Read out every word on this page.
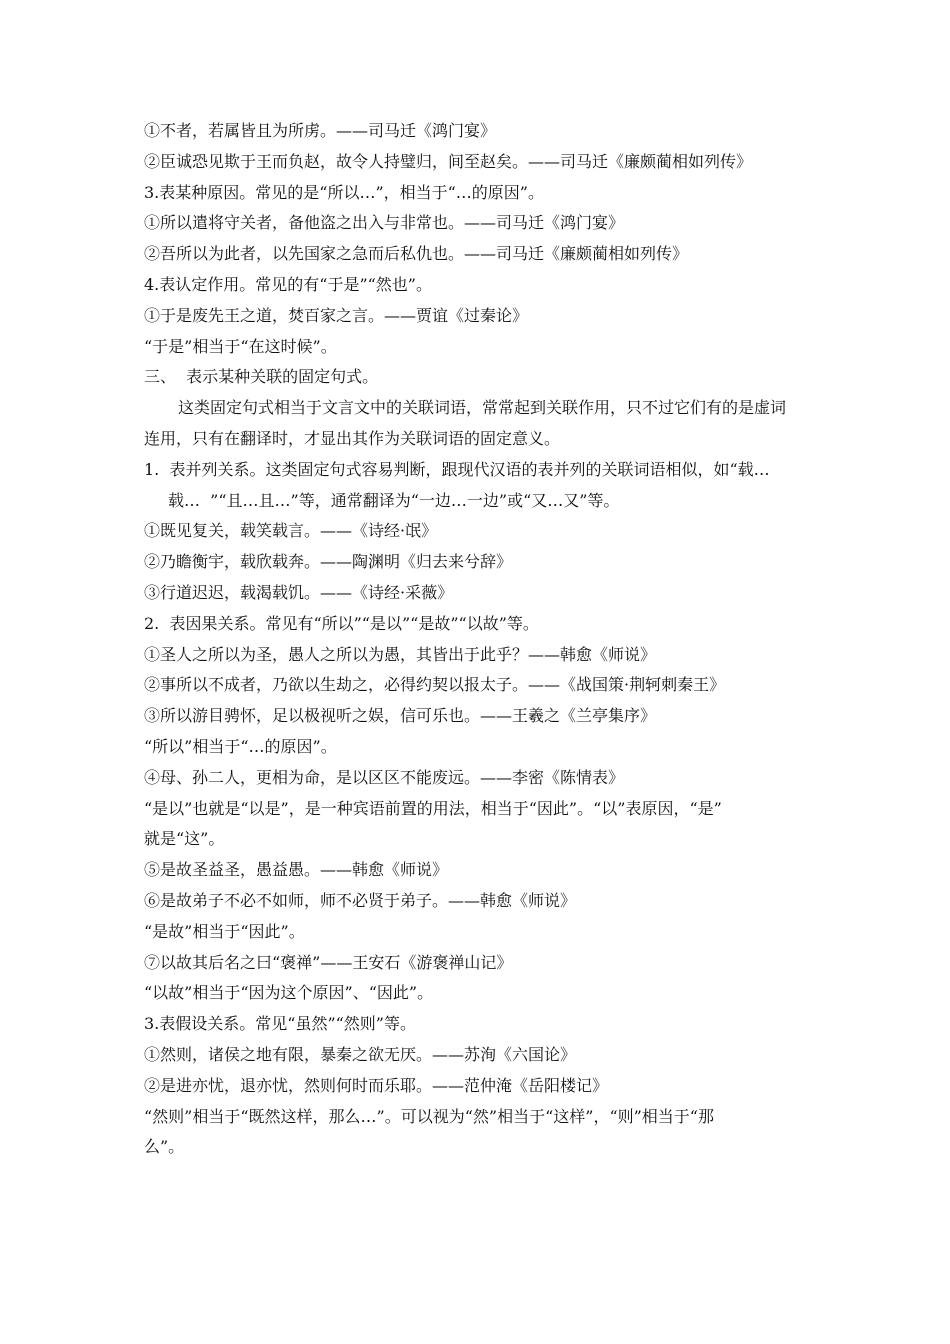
①不者，若属皆且为所虏。——司马迁《鸿门宴》
②臣诚恐见欺于王而负赵，故令人持璧归，间至赵矣。——司马迁《廉颇蔺相如列传》
3.表某种原因。常见的是“所以…”，相当于“…的原因”。
①所以遣将守关者，备他盗之出入与非常也。——司马迁《鸿门宴》
②吾所以为此者，以先国家之急而后私仇也。——司马迁《廉颇蔺相如列传》
4.表认定作用。常见的有“于是”“然也”。
①于是废先王之道，焚百家之言。——贾谊《过秦论》
“于是”相当于“在这时候”。
三、  表示某种关联的固定句式。
这类固定句式相当于文言文中的关联词语，常常起到关联作用，只不过它们有的是虚词
连用，只有在翻译时，才显出其作为关联词语的固定意义。
1.  表并列关系。这类固定句式容易判断，跟现代汉语的表并列的关联词语相似，如“载…
载…  ”“且…且…”等，通常翻译为“一边…一边”或“又…又”等。
①既见复关，载笑载言。——《诗经·氓》
②乃瞻衡宇，载欣载奔。——陶渊明《归去来兮辞》
③行道迟迟，载渴载饥。——《诗经·采薇》
2.  表因果关系。常见有“所以”“是以”“是故”“以故”等。
①圣人之所以为圣，愚人之所以为愚，其皆出于此乎？——韩愈《师说》
②事所以不成者，乃欲以生劫之，必得约契以报太子。——《战国策·荆轲刺秦王》
③所以游目骋怀，足以极视听之娱，信可乐也。——王羲之《兰亭集序》
“所以”相当于“…的原因”。
④母、孙二人，更相为命，是以区区不能废远。——李密《陈情表》
“是以”也就是“以是”，是一种宾语前置的用法，相当于“因此”。“以”表原因，“是”
就是“这”。
⑤是故圣益圣，愚益愚。——韩愈《师说》
⑥是故弟子不必不如师，师不必贤于弟子。——韩愈《师说》
“是故”相当于“因此”。
⑦以故其后名之曰“褒禅”——王安石《游褒禅山记》
“以故”相当于“因为这个原因”、“因此”。
3.表假设关系。常见“虽然”“然则”等。
①然则，诸侯之地有限，暴秦之欲无厌。——苏洵《六国论》
②是进亦忧，退亦忧，然则何时而乐耶。——范仲淹《岳阳楼记》
“然则”相当于“既然这样，那么…”。可以视为“然”相当于“这样”，“则”相当于“那
么”。
